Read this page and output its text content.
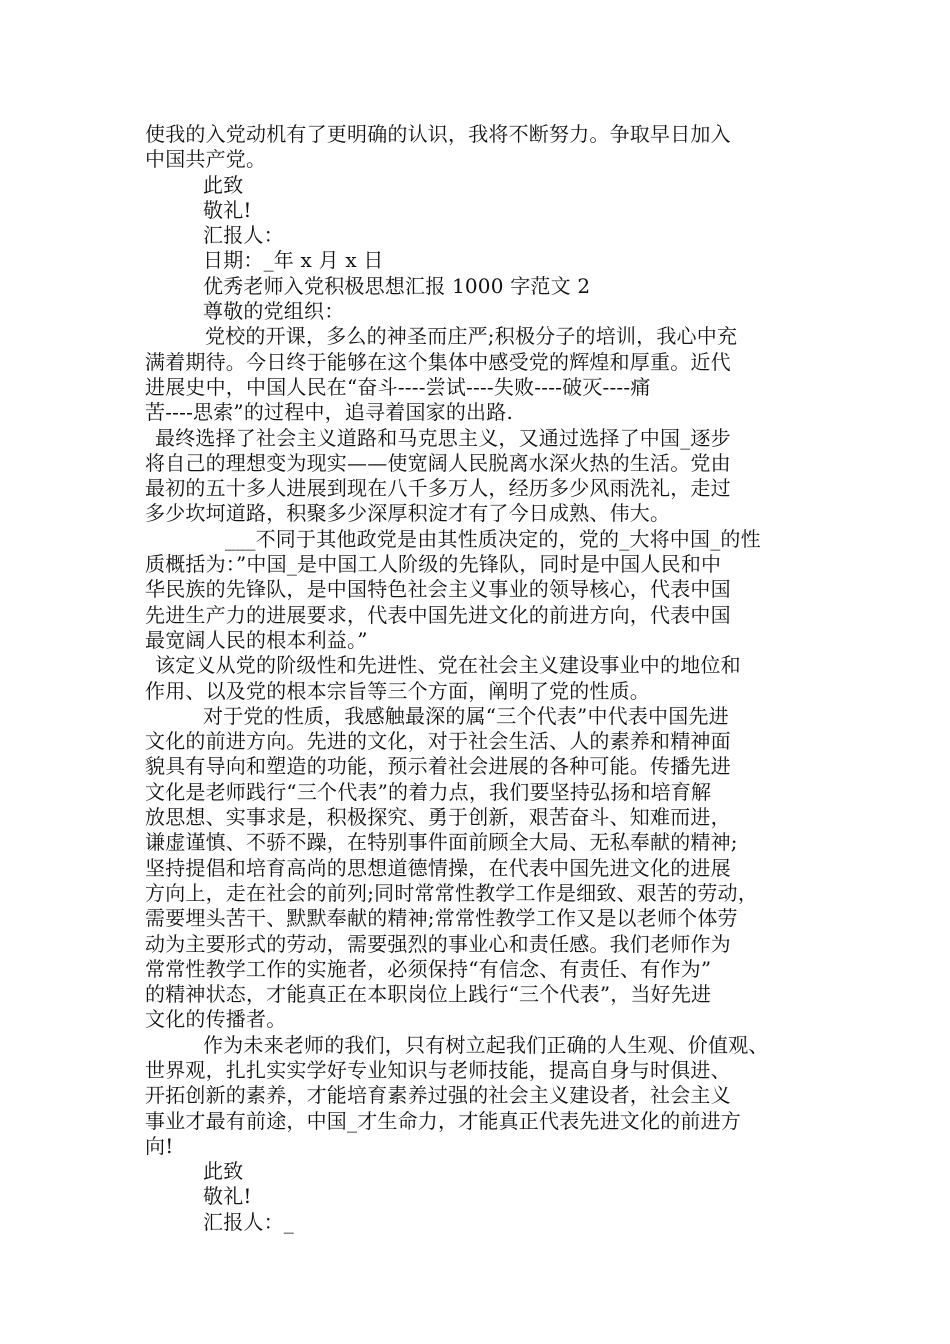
使我的入党动机有了更明确的认识，我将不断努力。争取早日加入
中国共产党。
此致
敬礼!
汇报人：
日期：_年 x 月 x 日
优秀老师入党积极思想汇报 1000 字范文 2
尊敬的党组织：
党校的开课，多么的神圣而庄严;积极分子的培训，我心中充
满着期待。今日终于能够在这个集体中感受党的辉煌和厚重。近代
进展史中，中国人民在“奋斗----尝试----失败----破灭----痛
苦----思索”的过程中，追寻着国家的出路.
最终选择了社会主义道路和马克思主义，又通过选择了中国_逐步
将自己的理想变为现实——使宽阔人民脱离水深火热的生活。党由
最初的五十多人进展到现在八千多万人，经历多少风雨洗礼，走过
多少坎坷道路，积聚多少深厚积淀才有了今日成熟、伟大。
___不同于其他政党是由其性质决定的，党的_大将中国_的性
质概括为：”中国_是中国工人阶级的先锋队，同时是中国人民和中
华民族的先锋队，是中国特色社会主义事业的领导核心，代表中国
先进生产力的进展要求，代表中国先进文化的前进方向，代表中国
最宽阔人民的根本利益。”
该定义从党的阶级性和先进性、党在社会主义建设事业中的地位和
作用、以及党的根本宗旨等三个方面，阐明了党的性质。
对于党的性质，我感触最深的属“三个代表”中代表中国先进
文化的前进方向。先进的文化，对于社会生活、人的素养和精神面
貌具有导向和塑造的功能，预示着社会进展的各种可能。传播先进
文化是老师践行“三个代表”的着力点，我们要坚持弘扬和培育解
放思想、实事求是，积极探究、勇于创新，艰苦奋斗、知难而进，
谦虚谨慎、不骄不躁，在特别事件面前顾全大局、无私奉献的精神;
坚持提倡和培育高尚的思想道德情操，在代表中国先进文化的进展
方向上，走在社会的前列;同时常常性教学工作是细致、艰苦的劳动，
需要埋头苦干、默默奉献的精神;常常性教学工作又是以老师个体劳
动为主要形式的劳动，需要强烈的事业心和责任感。我们老师作为
常常性教学工作的实施者，必须保持“有信念、有责任、有作为”
的精神状态，才能真正在本职岗位上践行“三个代表”，当好先进
文化的传播者。
作为未来老师的我们，只有树立起我们正确的人生观、价值观、
世界观，扎扎实实学好专业知识与老师技能，提高自身与时俱进、
开拓创新的素养，才能培育素养过强的社会主义建设者，社会主义
事业才最有前途，中国_才生命力，才能真正代表先进文化的前进方
向!
此致
敬礼!
汇报人：_
